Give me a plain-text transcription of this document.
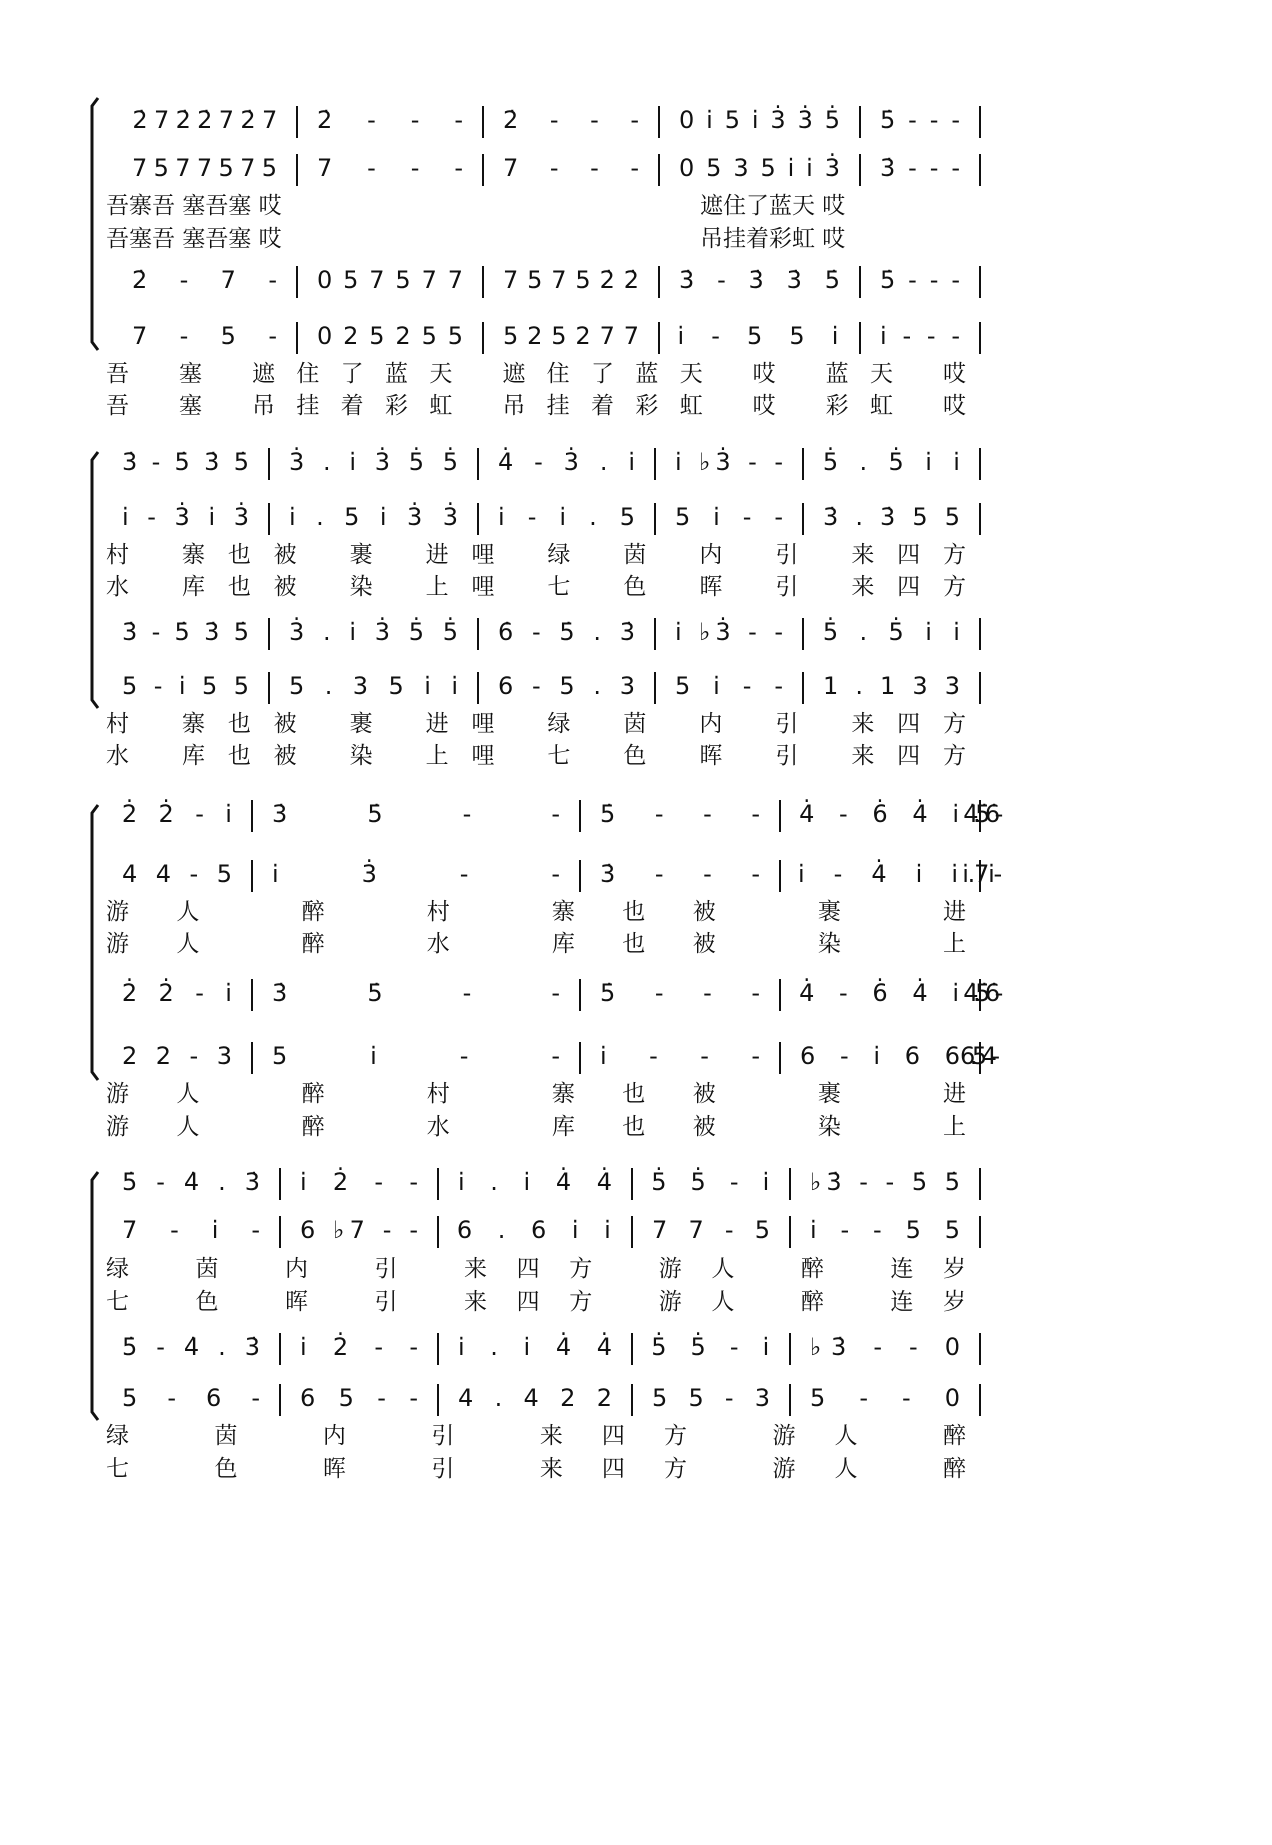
2̇ 7 2̇ 2̇ 7 2̇ 7 2̇ - - - 2̇ - - - 0 i̇ 5 i̇ 3̇ 3̇ 5̇ 5̇ - - -
7 5 7 7 5 7 5 7 - - - 7 - - - 0 5 3 5 i̇ i̇ 3̇ 3̇ - - -
2̇ - 7 - 0 5 7 5 7 7 7 5 7 5 2̇ 2̇ 3̇ - 3̇ 3̇ 5̇ 5̇ - - -
7 - 5 - 0 2 5 2 5 5 5 2 5 2 7 7 i̇ - 5 5 i̇ i̇ - - -
吾寨吾 塞吾塞 哎	遮住了蓝天 哎
吾塞吾 塞吾塞 哎	吊挂着彩虹 哎
吾 塞 遮住了蓝天 遮住了蓝天 哎 蓝天 哎
吾 塞 吊挂着彩虹 吊挂着彩虹 哎 彩虹 哎
3̇ - 5̇ 3̇ 5̇ 3̇ . i̇ 3̇ 5̇ 5̇ 4̇ - 3̇ . i̇ i̇ ♭3̇ - - 5̇ . 5̇ i̇ i̇
i̇ - 3̇ i̇ 3̇ i̇ . 5 i̇ 3̇ 3̇ i̇ - i̇ . 5 5 i̇ - - 3̇ . 3̇ 5 5
3̇ - 5̇ 3̇ 5̇ 3̇ . i̇ 3̇ 5̇ 5̇ 6̇ - 5̇ . 3̇ i̇ ♭3̇ - - 5̇ . 5̇ i̇ i̇
5 - i̇ 5 5 5 . 3 5 i̇ i̇ 6 - 5 . 3 5 i̇ - - 1 . 1 3 3
村 寨也被 裹 进哩 绿 茵 内 引 来四方
水 库也被 染 上哩 七 色 晖 引 来四方
村 寨也被 裹 进哩 绿 茵 内 引 来四方
水 库也被 染 上哩 七 色 晖 引 来四方
2̇ 2̇ - i̇ 3̇ 5̇ - - 5̇ - - - 4̇ - 6̇ 4̇ i̇ 4̇ . 5̇ 6̇ -
4 4 - 5 i̇ 3̇ - - 3̇ - - - i̇ - 4̇ i̇ i̇ i̇ . 7 i̇ -
2̇ 2̇ - i̇ 3̇ 5̇ - - 5̇ - - - 4̇ - 6̇ 4̇ i̇ 4̇ . 5̇ 6̇ -
2 2 - 3 5 i̇ - - i̇ - - - 6 - i̇ 6 6 6 . 5 4 -
游人 醉 村 寨也被 裹 进
游人 醉 水 库也被 染 上
游人 醉 村 寨也被 裹 进
游人 醉 水 库也被 染 上
5̇ - 4̇ . 3̇ i̇ 2̇ - - i̇ . i̇ 4̇ 4̇ 5̇ 5̇ - i̇ ♭3̇ - - 5̇ 5̇
7 - i̇ - 6 ♭7 - - 6 . 6 i̇ i̇ 7 7 - 5 i̇ - - 5 5
5̇ - 4̇ . 3̇ i̇ 2̇ - - i̇ . i̇ 4̇ 4̇ 5̇ 5̇ - i̇ ♭3̇ - - 0
5 - 6 - 6 5 - - 4 . 4 2 2 5 5 - 3 5 - - 0
绿 茵 内 引 来四方 游人 醉 连岁
七 色 晖 引 来四方 游人 醉 连岁
绿 茵 内 引 来四方 游人 醉
七 色 晖 引 来四方 游人 醉
